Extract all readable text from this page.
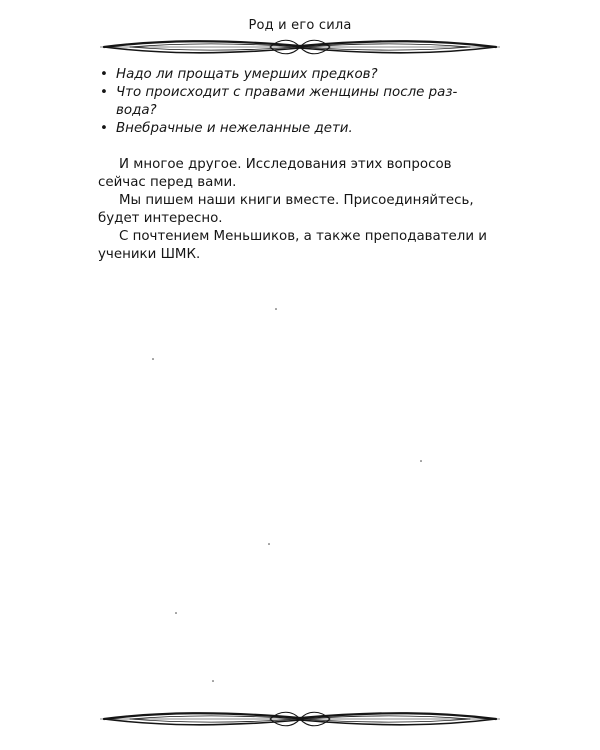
Род и его сила
• Надо ли прощать умерших предков?
• Что происходит с правами женщины после раз-
вода?
• Внебрачные и нежеланные дети.

И многое другое. Исследования этих вопросов сейчас перед вами.

Мы пишем наши книги вместе. Присоединяйтесь, будет интересно.

С почтением Меньшиков, а также преподаватели и ученики ШМК.
